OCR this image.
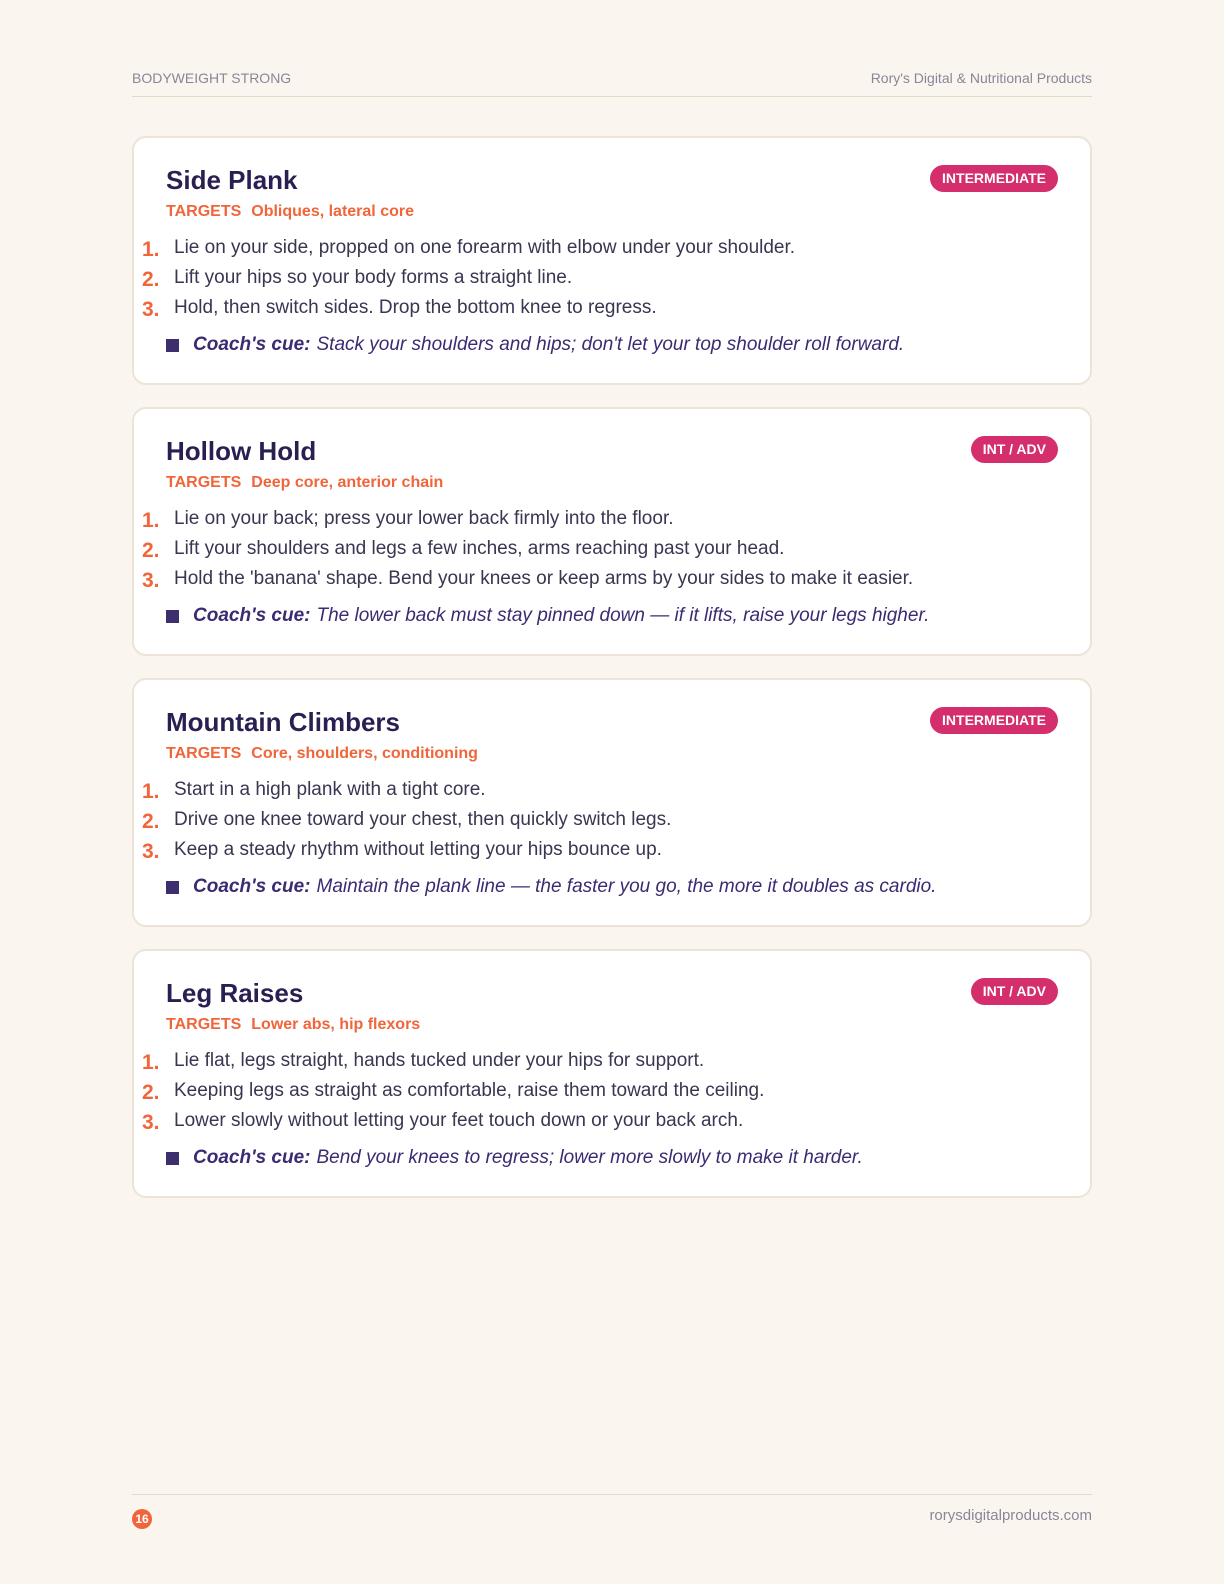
BODYWEIGHT STRONG	Rory's Digital & Nutritional Products
Side Plank	INTERMEDIATE
TARGETS Obliques, lateral core
1. Lie on your side, propped on one forearm with elbow under your shoulder.
2. Lift your hips so your body forms a straight line.
3. Hold, then switch sides. Drop the bottom knee to regress.
Coach's cue: Stack your shoulders and hips; don't let your top shoulder roll forward.
Hollow Hold	INT / ADV
TARGETS Deep core, anterior chain
1. Lie on your back; press your lower back firmly into the floor.
2. Lift your shoulders and legs a few inches, arms reaching past your head.
3. Hold the 'banana' shape. Bend your knees or keep arms by your sides to make it easier.
Coach's cue: The lower back must stay pinned down — if it lifts, raise your legs higher.
Mountain Climbers	INTERMEDIATE
TARGETS Core, shoulders, conditioning
1. Start in a high plank with a tight core.
2. Drive one knee toward your chest, then quickly switch legs.
3. Keep a steady rhythm without letting your hips bounce up.
Coach's cue: Maintain the plank line — the faster you go, the more it doubles as cardio.
Leg Raises	INT / ADV
TARGETS Lower abs, hip flexors
1. Lie flat, legs straight, hands tucked under your hips for support.
2. Keeping legs as straight as comfortable, raise them toward the ceiling.
3. Lower slowly without letting your feet touch down or your back arch.
Coach's cue: Bend your knees to regress; lower more slowly to make it harder.
16	rorysdigitalproducts.com
